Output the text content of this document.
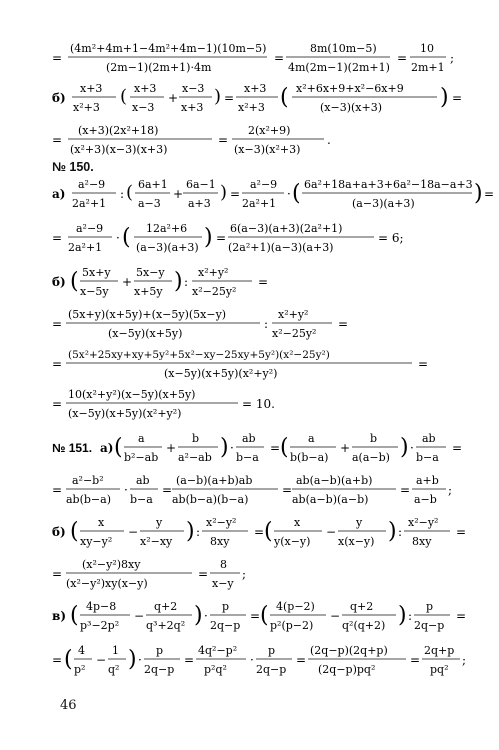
=
(4m²+4m+1−4m²+4m−1)(10m−5)
(2m−1)(2m+1)·4m
=
8m(10m−5)
4m(2m−1)(2m+1)
=
10
2m+1
;
б)
x+3
x²+3
( x+3
x−3
+
x−3
x+3
) =
x+3
x²+3 ( x²+6x+9+x²−6x+9
(x−3)(x+3)	) =
=
(x+3)(2x²+18)
(x²+3)(x−3)(x+3)
=
2(x²+9)
(x−3)(x²+3)
.
№ 150.
а)
a²−9
2a²+1
: ( 6a+1
a−3
+
6a−1
a+3
) =
a²−9
2a²+1
· ( 6a²+18a+a+3+6a²−18a−a+3
(a−3)(a+3)	) =
=
a²−9
2a²+1
· ( 12a²+6
(a−3)(a+3) ) =
6(a−3)(a+3)(2a²+1)
(2a²+1)(a−3)(a+3)
= 6;
б) ( 5x+y
x−5y
+
5x−y
x+5y ) :
x²+y²
x²−25y²
=
=
(5x+y)(x+5y)+(x−5y)(5x−y)
(x−5y)(x+5y)
:
x²+y²
x²−25y²
=
=
(5x²+25xy+xy+5y²+5x²−xy−25xy+5y²)(x²−25y²)
(x−5y)(x+5y)(x²+y²)
=
=
10(x²+y²)(x−5y)(x+5y)
(x−5y)(x+5y)(x²+y²)
= 10.
№ 151. а) ( a
b²−ab
+
b
a²−ab ) ·
ab
b−a
= ( a
b(b−a)
+
b
a(a−b) ) ·
ab
b−a
=
=
a²−b²
ab(b−a)
·
ab
b−a
=
(a−b)(a+b)ab
ab(b−a)(b−a)
=
ab(a−b)(a+b)
ab(a−b)(a−b)
=
a+b
a−b
;
б) ( x
xy−y²
−
y
x²−xy ) :
x²−y²
8xy
= ( x
y(x−y)
−
y
x(x−y) ) :
x²−y²
8xy
=
=
(x²−y²)8xy
(x²−y²)xy(x−y)
=
8
x−y
;
в) ( 4p−8
p³−2p²
−
q+2
q³+2q² ) ·
p
2q−p
= ( 4(p−2)
p²(p−2)
−
q+2
q²(q+2) ) :
p
2q−p
=
= ( 4
p²
−
1
q² ) ·
p
2q−p
=
4q²−p²
p²q²
·
p
2q−p
=
(2q−p)(2q+p)
(2q−p)pq²
=
2q+p
pq²
;
46
